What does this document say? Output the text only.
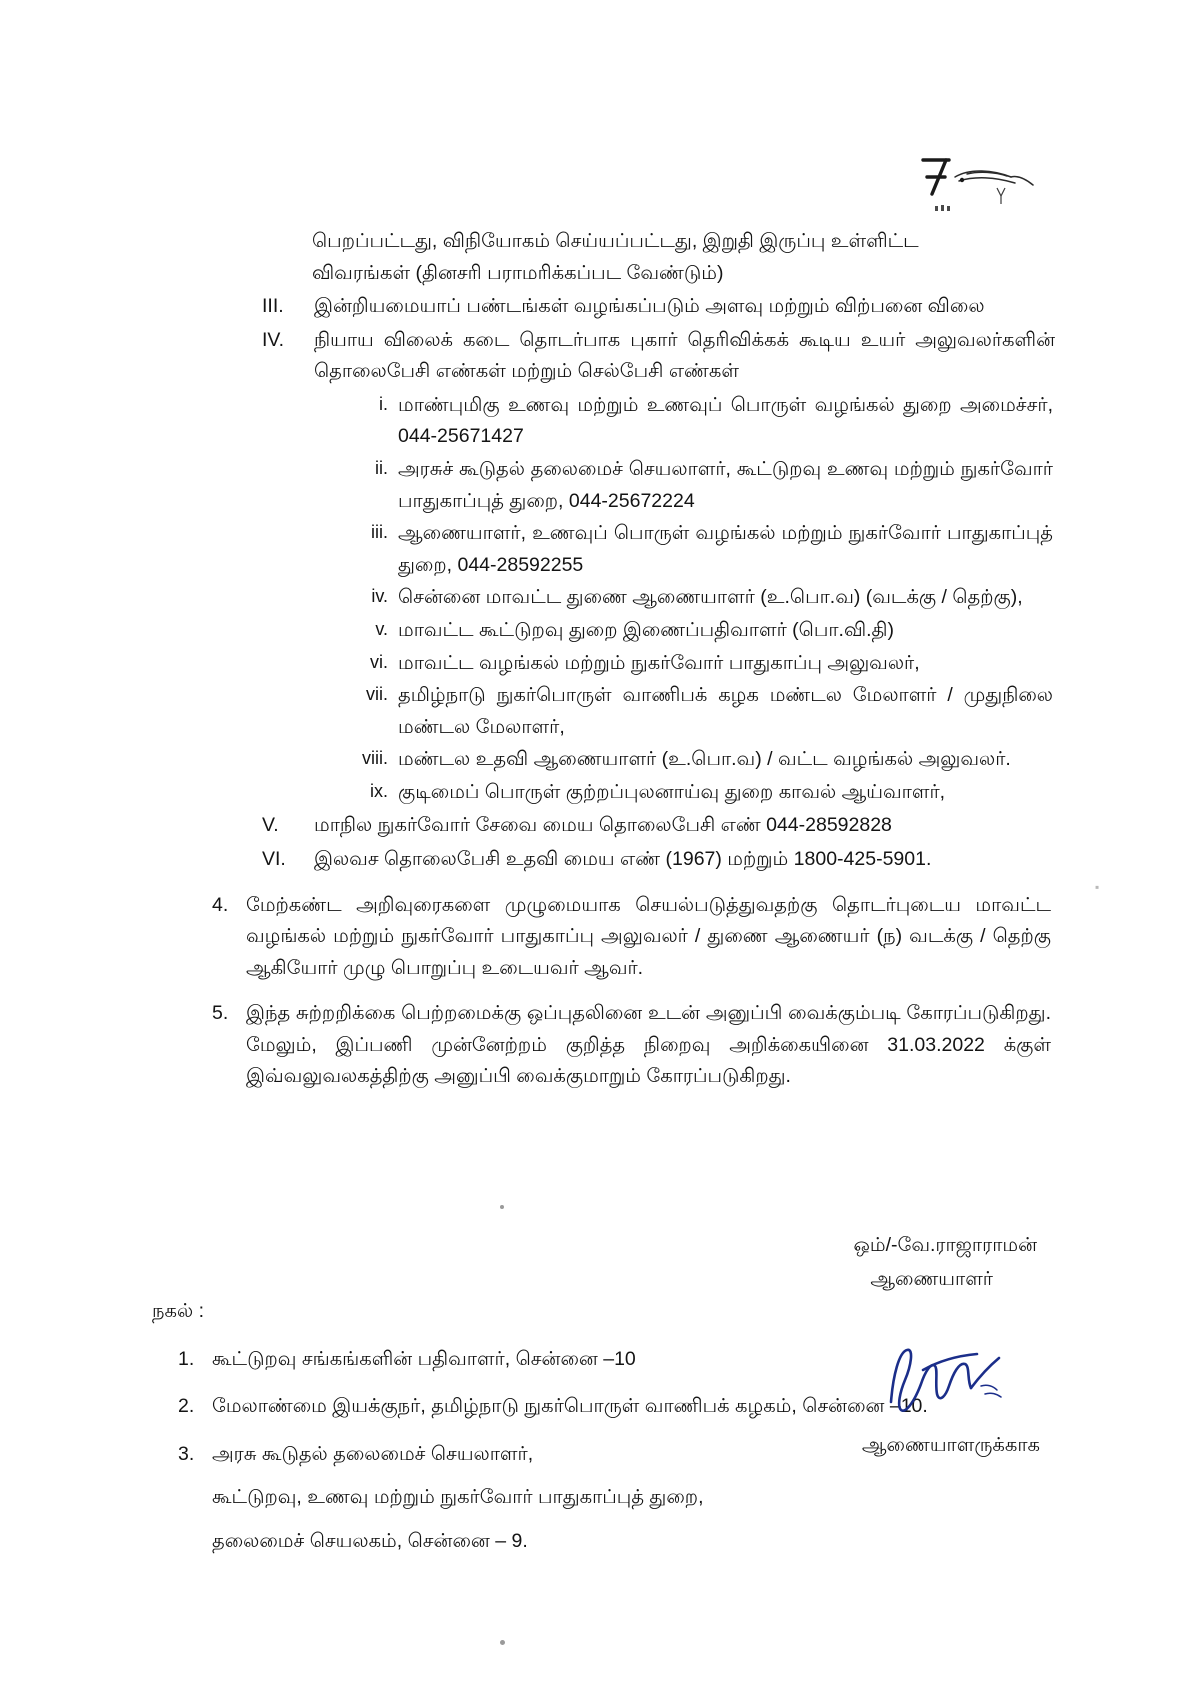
பெறப்பட்டது, விநியோகம் செய்யப்பட்டது, இறுதி இருப்பு உள்ளிட்ட
விவரங்கள் (தினசரி பராமரிக்கப்பட வேண்டும்)
III.	இன்றியமையாப் பண்டங்கள் வழங்கப்படும் அளவு மற்றும் விற்பனை விலை
IV.	நியாய விலைக் கடை தொடர்பாக புகார் தெரிவிக்கக் கூடிய உயர் அலுவலர்களின் தொலைபேசி எண்கள் மற்றும் செல்பேசி எண்கள்
i. மாண்புமிகு உணவு மற்றும் உணவுப் பொருள் வழங்கல் துறை அமைச்சர், 044-25671427
ii. அரசுச் கூடுதல் தலைமைச் செயலாளர், கூட்டுறவு உணவு மற்றும் நுகர்வோர் பாதுகாப்புத் துறை, 044-25672224
iii. ஆணையாளர், உணவுப் பொருள் வழங்கல் மற்றும் நுகர்வோர் பாதுகாப்புத் துறை, 044-28592255
iv. சென்னை மாவட்ட துணை ஆணையாளர் (உ.பொ.வ) (வடக்கு / தெற்கு),
v. மாவட்ட கூட்டுறவு துறை இணைப்பதிவாளர் (பொ.வி.தி)
vi. மாவட்ட வழங்கல் மற்றும் நுகர்வோர் பாதுகாப்பு அலுவலர்,
vii. தமிழ்நாடு நுகர்பொருள் வாணிபக் கழக மண்டல மேலாளர் / முதுநிலை மண்டல மேலாளர்,
viii. மண்டல உதவி ஆணையாளர் (உ.பொ.வ) / வட்ட வழங்கல் அலுவலர்.
ix. குடிமைப் பொருள் குற்றப்புலனாய்வு துறை காவல் ஆய்வாளர்,
V.	மாநில நுகர்வோர் சேவை மைய தொலைபேசி எண் 044-28592828
VI.	இலவச தொலைபேசி உதவி மைய எண் (1967) மற்றும் 1800-425-5901.
4. மேற்கண்ட அறிவுரைகளை முழுமையாக செயல்படுத்துவதற்கு தொடர்புடைய மாவட்ட வழங்கல் மற்றும் நுகர்வோர் பாதுகாப்பு அலுவலர் / துணை ஆணையர் (ந) வடக்கு / தெற்கு ஆகியோர் முழு பொறுப்பு உடையவர் ஆவர்.
5. இந்த சுற்றறிக்கை பெற்றமைக்கு ஒப்புதலினை உடன் அனுப்பி வைக்கும்படி கோரப்படுகிறது. மேலும், இப்பணி முன்னேற்றம் குறித்த நிறைவு அறிக்கையினை 31.03.2022 க்குள் இவ்வலுவலகத்திற்கு அனுப்பி வைக்குமாறும் கோரப்படுகிறது.
ஒம்/-வே.ராஜாராமன்
ஆணையாளர்
நகல் :
1. கூட்டுறவு சங்கங்களின் பதிவாளர், சென்னை –10
2. மேலாண்மை இயக்குநர், தமிழ்நாடு நுகர்பொருள் வாணிபக் கழகம், சென்னை –10.
3. அரசு கூடுதல் தலைமைச் செயலாளர்,
கூட்டுறவு, உணவு மற்றும் நுகர்வோர் பாதுகாப்புத் துறை,
தலைமைச் செயலகம், சென்னை – 9.
ஆணையாளருக்காக
▪
